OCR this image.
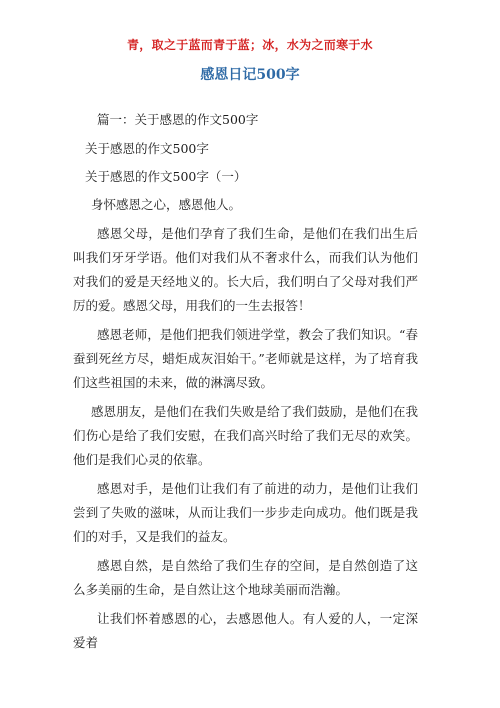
青，取之于蓝而青于蓝；冰，水为之而寒于水
感恩日记500字

篇一：关于感恩的作文500字

关于感恩的作文500字

关于感恩的作文500字（一）

身怀感恩之心，感恩他人。

感恩父母，是他们孕育了我们生命，是他们在我们出生后叫我们牙牙学语。他们对我们从不奢求什么，而我们认为他们对我们的爱是天经地义的。长大后，我们明白了父母对我们严厉的爱。感恩父母，用我们的一生去报答！

感恩老师，是他们把我们领进学堂，教会了我们知识。“春蚕到死丝方尽，蜡炬成灰泪始干。”老师就是这样，为了培育我们这些祖国的未来，做的淋漓尽致。

感恩朋友，是他们在我们失败是给了我们鼓励，是他们在我们伤心是给了我们安慰，在我们高兴时给了我们无尽的欢笑。他们是我们心灵的依靠。

感恩对手，是他们让我们有了前进的动力，是他们让我们尝到了失败的滋味，从而让我们一步步走向成功。他们既是我们的对手，又是我们的益友。

感恩自然，是自然给了我们生存的空间，是自然创造了这么多美丽的生命，是自然让这个地球美丽而浩瀚。

让我们怀着感恩的心，去感恩他人。有人爱的人，一定深爱着
